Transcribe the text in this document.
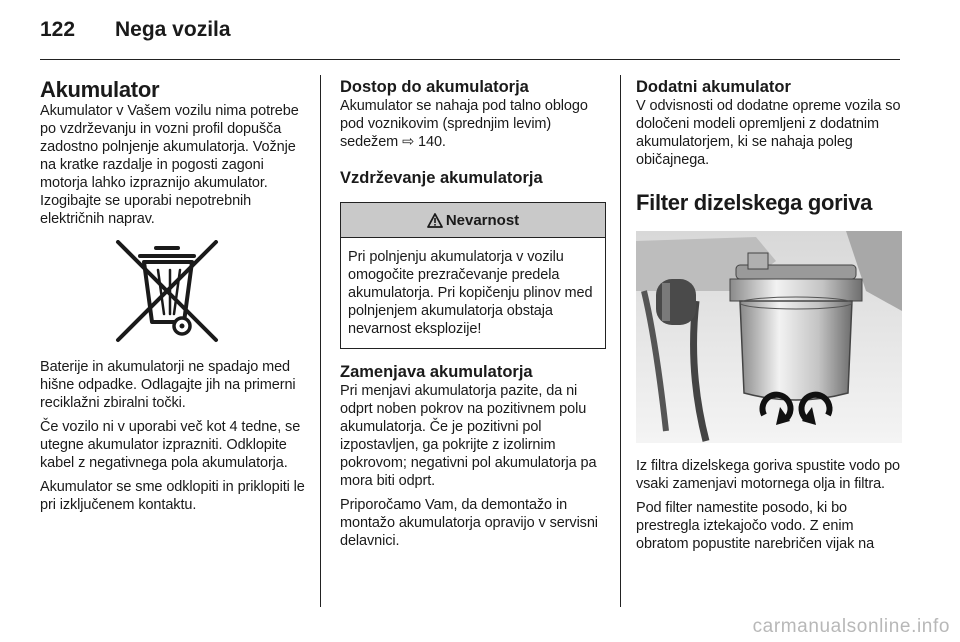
122 Nega vozila
Akumulator

Akumulator v Vašem vozilu nima potrebe po vzdrževanju in vozni profil dopušča zadostno polnjenje akumulatorja. Vožnje na kratke razdalje in pogosti zagoni motorja lahko izpraznijo akumulator. Izogibajte se uporabi nepotrebnih električnih naprav.

Baterije in akumulatorji ne spadajo med hišne odpadke. Odlagajte jih na primerni reciklažni zbiralni točki.

Če vozilo ni v uporabi več kot 4 tedne, se utegne akumulator izprazniti. Odklopite kabel z negativnega pola akumulatorja.

Akumulator se sme odklopiti in priklopiti le pri izključenem kontaktu.

Dostop do akumulatorja

Akumulator se nahaja pod talno oblogo pod voznikovim (sprednjim levim) sedežem ⇨ 140.

Vzdrževanje akumulatorja
Nevarnost

Pri polnjenju akumulatorja v vozilu omogočite prezračevanje predela akumulatorja. Pri kopičenju plinov med polnjenjem akumulatorja obstaja nevarnost eksplozije!

Zamenjava akumulatorja

Pri menjavi akumulatorja pazite, da ni odprt noben pokrov na pozitivnem polu akumulatorja. Če je pozitivni pol izpostavljen, ga pokrijte z izolirnim pokrovom; negativni pol akumulatorja pa mora biti odprt.

Priporočamo Vam, da demontažo in montažo akumulatorja opravijo v servisni delavnici.

Dodatni akumulator

V odvisnosti od dodatne opreme vozila so določeni modeli opremljeni z dodatnim akumulatorjem, ki se nahaja poleg običajnega.

Filter dizelskega goriva

Iz filtra dizelskega goriva spustite vodo po vsaki zamenjavi motornega olja in filtra.

Pod filter namestite posodo, ki bo prestregla iztekajočo vodo. Z enim obratom popustite narebričen vijak na

carmanualsonline.info
